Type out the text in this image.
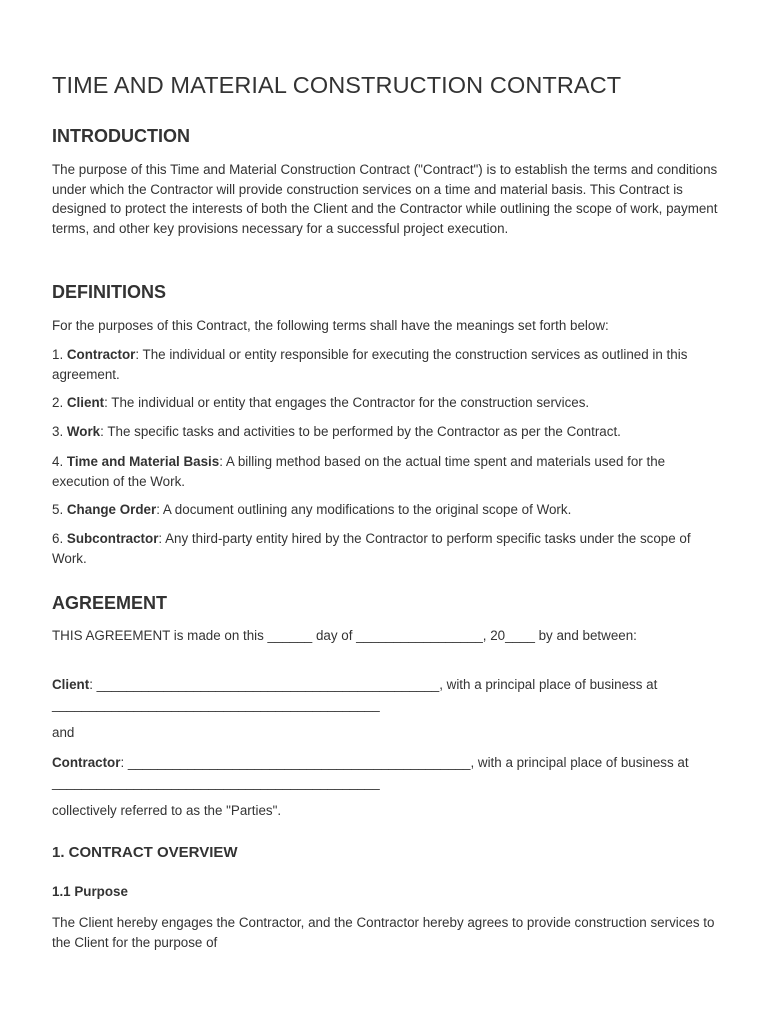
TIME AND MATERIAL CONSTRUCTION CONTRACT
INTRODUCTION

The purpose of this Time and Material Construction Contract ("Contract") is to establish the terms and conditions under which the Contractor will provide construction services on a time and material basis. This Contract is designed to protect the interests of both the Client and the Contractor while outlining the scope of work, payment terms, and other key provisions necessary for a successful project execution.

DEFINITIONS

For the purposes of this Contract, the following terms shall have the meanings set forth below:

1. Contractor: The individual or entity responsible for executing the construction services as outlined in this agreement.

2. Client: The individual or entity that engages the Contractor for the construction services.

3. Work: The specific tasks and activities to be performed by the Contractor as per the Contract.

4. Time and Material Basis: A billing method based on the actual time spent and materials used for the execution of the Work.

5. Change Order: A document outlining any modifications to the original scope of Work.

6. Subcontractor: Any third-party entity hired by the Contractor to perform specific tasks under the scope of Work.

AGREEMENT

THIS AGREEMENT is made on this ______ day of _________________, 20____ by and between:

Client: ______________________________________________, with a principal place of business at ____________________________________________

and

Contractor: ______________________________________________, with a principal place of business at ____________________________________________

collectively referred to as the "Parties".

1. CONTRACT OVERVIEW
1.1 Purpose

The Client hereby engages the Contractor, and the Contractor hereby agrees to provide construction services to the Client for the purpose of
